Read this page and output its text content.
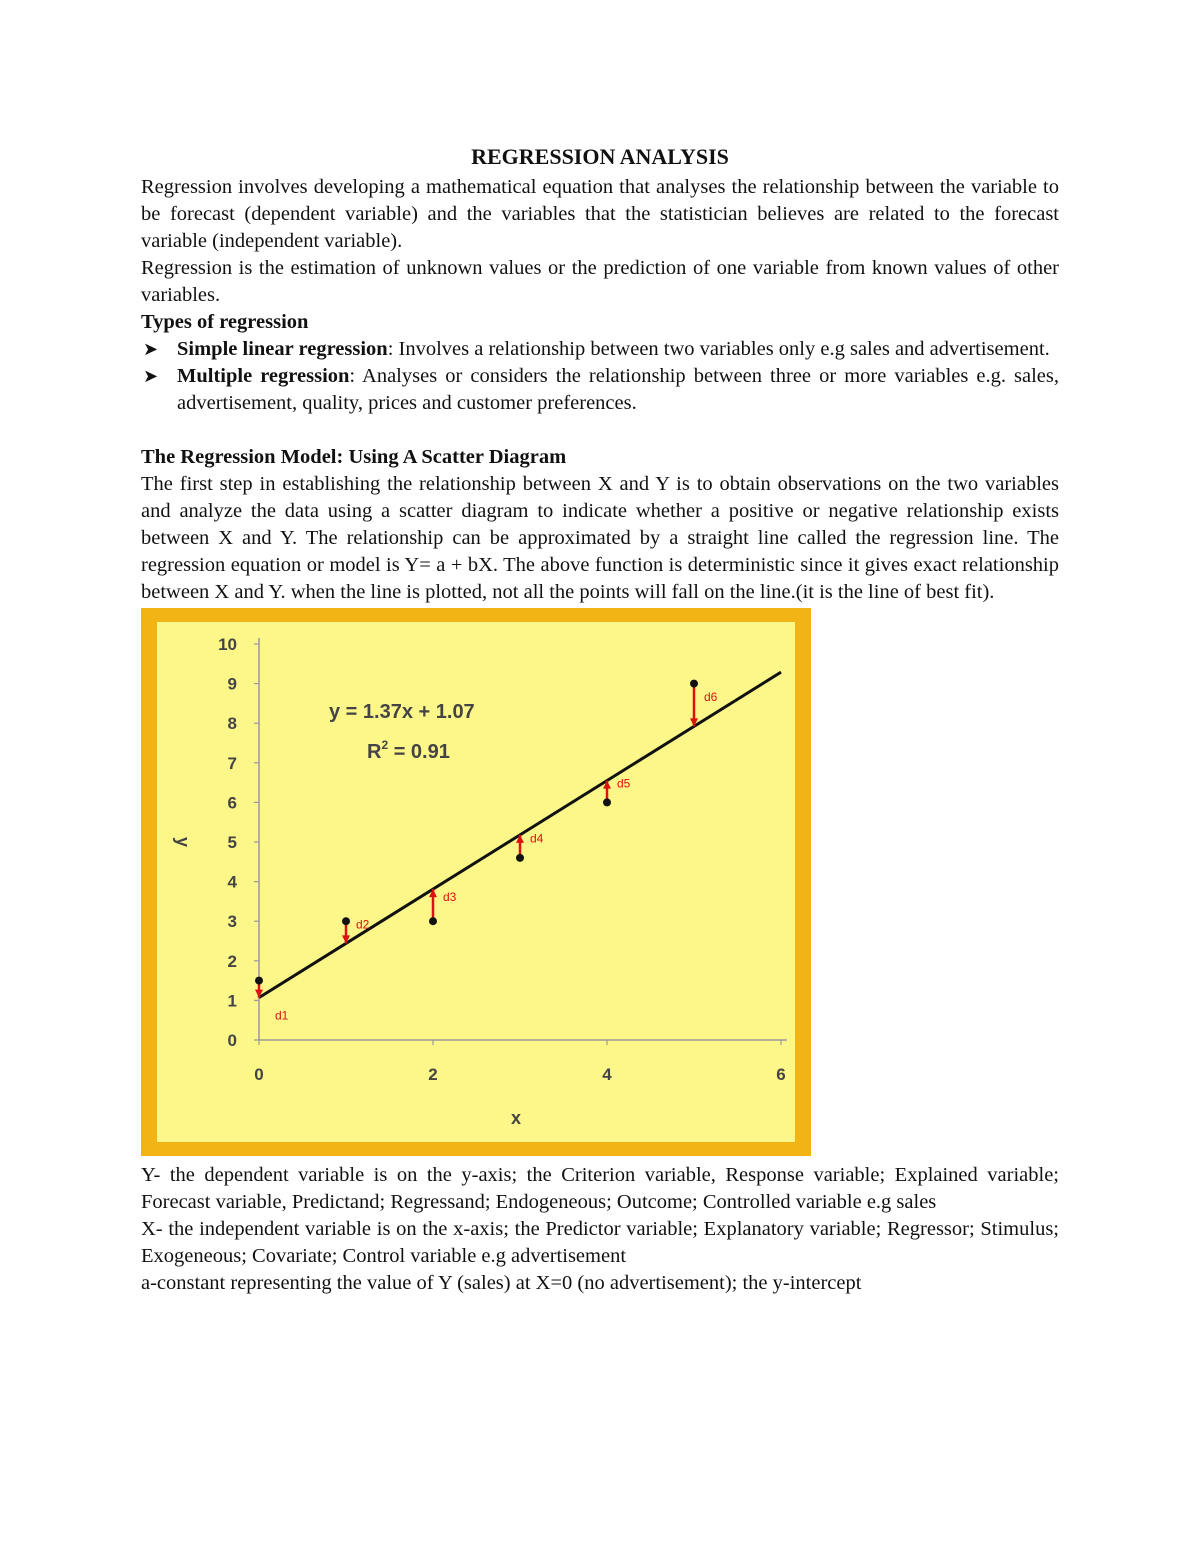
REGRESSION ANALYSIS

Regression involves developing a mathematical equation that analyses the relationship between the variable to be forecast (dependent variable) and the variables that the statistician believes are related to the forecast variable (independent variable).

Regression is the estimation of unknown values or the prediction of one variable from known values of other variables.

Types of regression

➤ Simple linear regression: Involves a relationship between two variables only e.g sales and advertisement.
➤ Multiple regression: Analyses or considers the relationship between three or more variables e.g. sales, advertisement, quality, prices and customer preferences.

The Regression Model: Using A Scatter Diagram

The first step in establishing the relationship between X and Y is to obtain observations on the two variables and analyze the data using a scatter diagram to indicate whether a positive or negative relationship exists between X and Y. The relationship can be approximated by a straight line called the regression line. The regression equation or model is Y= a + bX. The above function is deterministic since it gives exact relationship between X and Y. when the line is plotted, not all the points will fall on the line.(it is the line of best fit).

0
1
2
3
4
5
6
7
8
9
10
0	2	4	6
x
y
d1
d2
d3
d4
d5
d6
y = 1.37x + 1.07
$R^2 = 0.91$

Y- the dependent variable is on the y-axis; the Criterion variable, Response variable; Explained variable; Forecast variable, Predictand; Regressand; Endogeneous; Outcome; Controlled variable e.g sales

X- the independent variable is on the x-axis; the Predictor variable; Explanatory variable; Regressor; Stimulus; Exogeneous; Covariate; Control variable e.g advertisement

a-constant representing the value of Y (sales) at X=0 (no advertisement); the y-intercept
